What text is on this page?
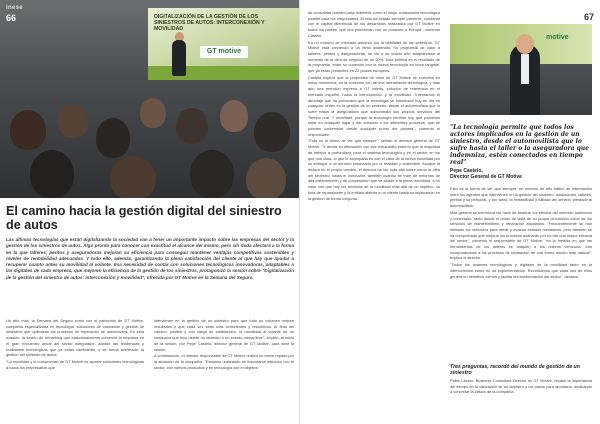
DIGITALIZACIÓN DE LA GESTIÓN DE LOS SINIESTROS DE AUTOS: INTERCONEXIÓN Y MOVILIDAD
GT motive
inese
66
El camino hacia la gestión digital del siniestro de autos
Las últimas tecnologías que están digitalizando la sociedad van a tener un importante impacto sobre las empresas del sector y la gestión de los siniestros de autos. Algo pronto para conocer con exactitud el alcance del mismo, pero sin duda afectará a la forma en la que talleres, peritos y aseguradoras mejoran su eficiencia para conseguir mantener ventajas competitivas sostenibles y niveles de rentabilidad adecuados. Y todo ello, además, garantizando la plena satisfacción del cliente al que hay que ayudar a recuperar cuanto antes su movilidad al volante. Esa necesidad de contar con soluciones tecnológicas innovadoras, adaptables a las digitales de cada empresa, que mejoren la eficiencia de la gestión de los siniestros, protagonizó la sesión sobre "Digitalización de la gestión del siniestro de autos: interconexión y movilidad", ofrecida por GT Motive en la Semana del Seguro.

Un año más, la Semana del Seguro contó con el patrocinio de GT Motive, compañía especializada en tecnología, soluciones de valoración y gestión de siniestros que optimizan los procesos de reparación de automóviles. En esta ocasión, la sesión de remarking que tradicionalmente comenzó la empresa en el gran encuentro anual del sector asegurador, abordó las tendencias y realidades tecnológicas que ya están cambiando, y de forma acelerada, la gestión del siniestro de autos.

"La movilidad y el compromiso de GT Motive es aportar soluciones tecnológicas a todos los empresarios que

intervienen en la gestión de un siniestro para que todo su volumen mejore resultados y que cada vez sean más conscientes y resolutivos. Al final del camino, posible y con carga de satisfacción, la movilidad al volante de un conductor que tuvo detrás un siniestro o un evento menor/leve", explicó, al inicio de la sesión, por Pepe Castelo, director general de GT Motive, para abrir la sesión.

A continuación, el director responsable de GT Motive realizó un breve repaso por la situación de la compañía. "Estamos realizando un importante esfuerzo con el sector, con nuevos productos y en tecnología con el objetivo

67

de consolidar nuestro paso indeleble como el mejor colaborador tecnológico posible para los empresarios. El reto ha estado siempre presente, combinar con el capital diferencial de los desarrollos realizados por GT Motive en todos los países, que nos posicionan con un producto a Europa", comentó Castelo.

En un entorno de mercado adverso por la debilidad de los siniestros, GT Motive está creciendo a un ritmo sostenido. Su propuesta de valor a talleres, peritos y aseguradoras, se vio a su cuarto año adaptándose al aumento de la cifra de negocio de un 20%. Esta política es el resultado de la propuesta, entre su conexión con la nueva tecnología en línea tangible, que ya están presentes en 22 países europeos.

Castelo explicó que la propuesta de valor de GT Motive se concreta en estos momentos, en la conexión con de una herramienta tecnológica, y más aún una mención expresa a GT Infinity, solución de referencia en el mercado español, hacia la interconexión y la movilidad. "Intentamos el abordaje que ha provocado que la tecnología se introduzca hoy en día en cualquier orden en la gestión de un siniestro, desde el automovilista que lo sufre hasta la aseguradora que subcontrata sus propios servicios del Tiempo real. Y movilidad, porque la tecnología permite hoy que podamos estar en cualquier lugar y dar solución a los diferentes procesos, que se pueden contemplar desde cualquier punto del planeta", comentó el responsable.

"Esta es la forma de ver que siempre", señaló el director general de GT Motive. "Y desde su afirmación con ese exhaustivo entorno que la magnitud de reflejos a profundizar, para el sistema tecnológico y en el sector en los que nos sitúa, lo que le acompaña es con el valor de la nueva movilidad por su enfoque a un servicio conectado por la realidad y sostenible. Aunque la lectura en el propio cambio, el director ha ido más allá sobre cómo la cifra del siniestro, hasta el conductor, también cuando se trate de entornos de alta interconexión y de cooperación que se añade a la plena movilidad, a un valor con que hoy los servicios de la movilidad más allá de un objetivo, su flota de reparadores y la entidad abierta a un cliente hasta su implicación en la gestión de forma conjunta.

motive
"La tecnología permite que todos los actores implicados en la gestión de un siniestro, desde el automovilista que lo sufre hasta el taller o la aseguradora que indemniza, estén conectados en tiempo real"
Pepe Castelo,
Director General de GT Motive

Esto es la forma de ver que siempre, un entorno de alto tráfico de información entre los agentes que intervienen en la gestión del siniestro: mediadores, talleres, peritos y su personal, y por tanto, la rentabilidad y calidad del servicio prestado al automovilista.

Más general se menciona los hace de analizar los efectos del vehículo autónomo y conectado, tanto desde el punto de vista de su propia circulación como de los servicios de mantenimiento y reparación asociados. "Frecuentemente se han utilizado los vehículos para medir y evaluar estados mecánicos, pero también se ha comprobado que mejorar los procesos acabarán por no dar una mayor eficacia del sector", comentó el responsable de GT Motive, "en la medida en que las herramientas de los talleres se adapten a los nuevos vehículos, irán incorporándose a los procesos de reparación de una forma mucho más natural", explicó el director.

"Todos los avances tecnológicos y digitales de la movilidad tanto en la interconexión como en su implementación. Recordamos que cada uno de ellos genera un beneficio común y facilita la transformación del sector", destacó.

Tres preguntas, recordó del mundo de gestión de un siniestro

Pablo Lázaro, Business Consultant Director de GT Motive, repasó la importancia del tiempo en la valoración de un siniestro y los pasos para abordarla, dedicando a concretar la sesión de la compañía
